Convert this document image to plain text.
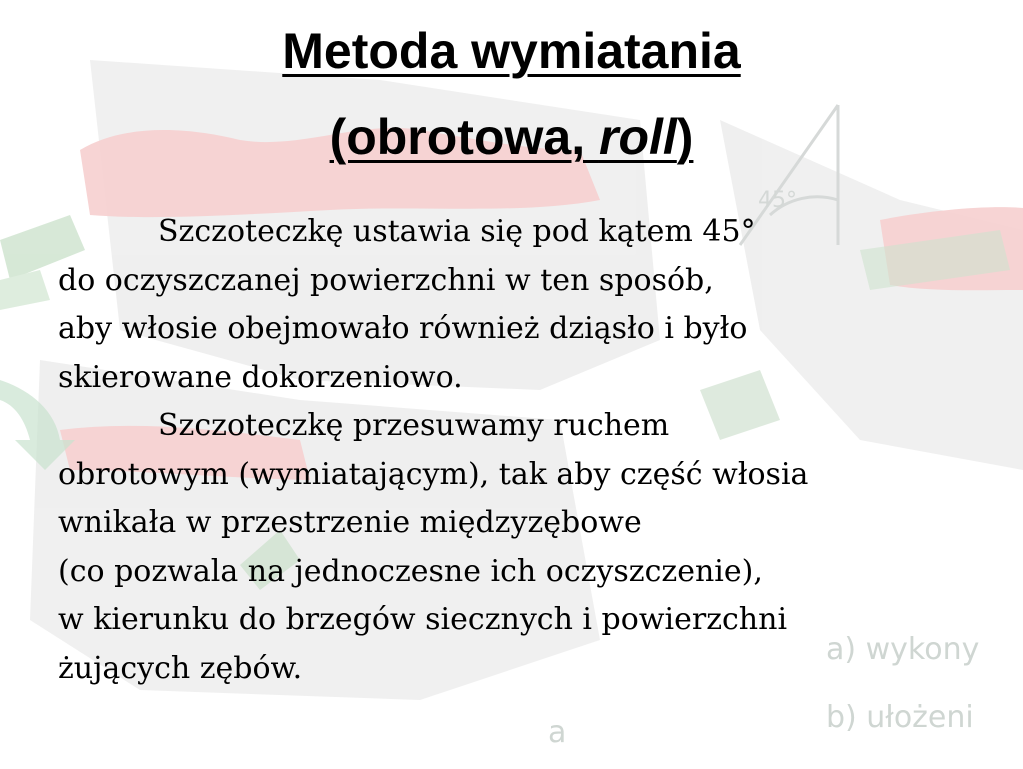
45°
a) wykony
b) ułożeni
a
Metoda wymiatania
(obrotowa, roll)
Szczoteczkę ustawia się pod kątem 45°
do oczyszczanej powierzchni w ten sposób,
aby włosie obejmowało również dziąsło i było
skierowane dokorzeniowo.
Szczoteczkę przesuwamy ruchem
obrotowym (wymiatającym), tak aby część włosia
wnikała w przestrzenie międzyzębowe
(co pozwala na jednoczesne ich oczyszczenie),
w kierunku do brzegów siecznych i powierzchni
żujących zębów.
